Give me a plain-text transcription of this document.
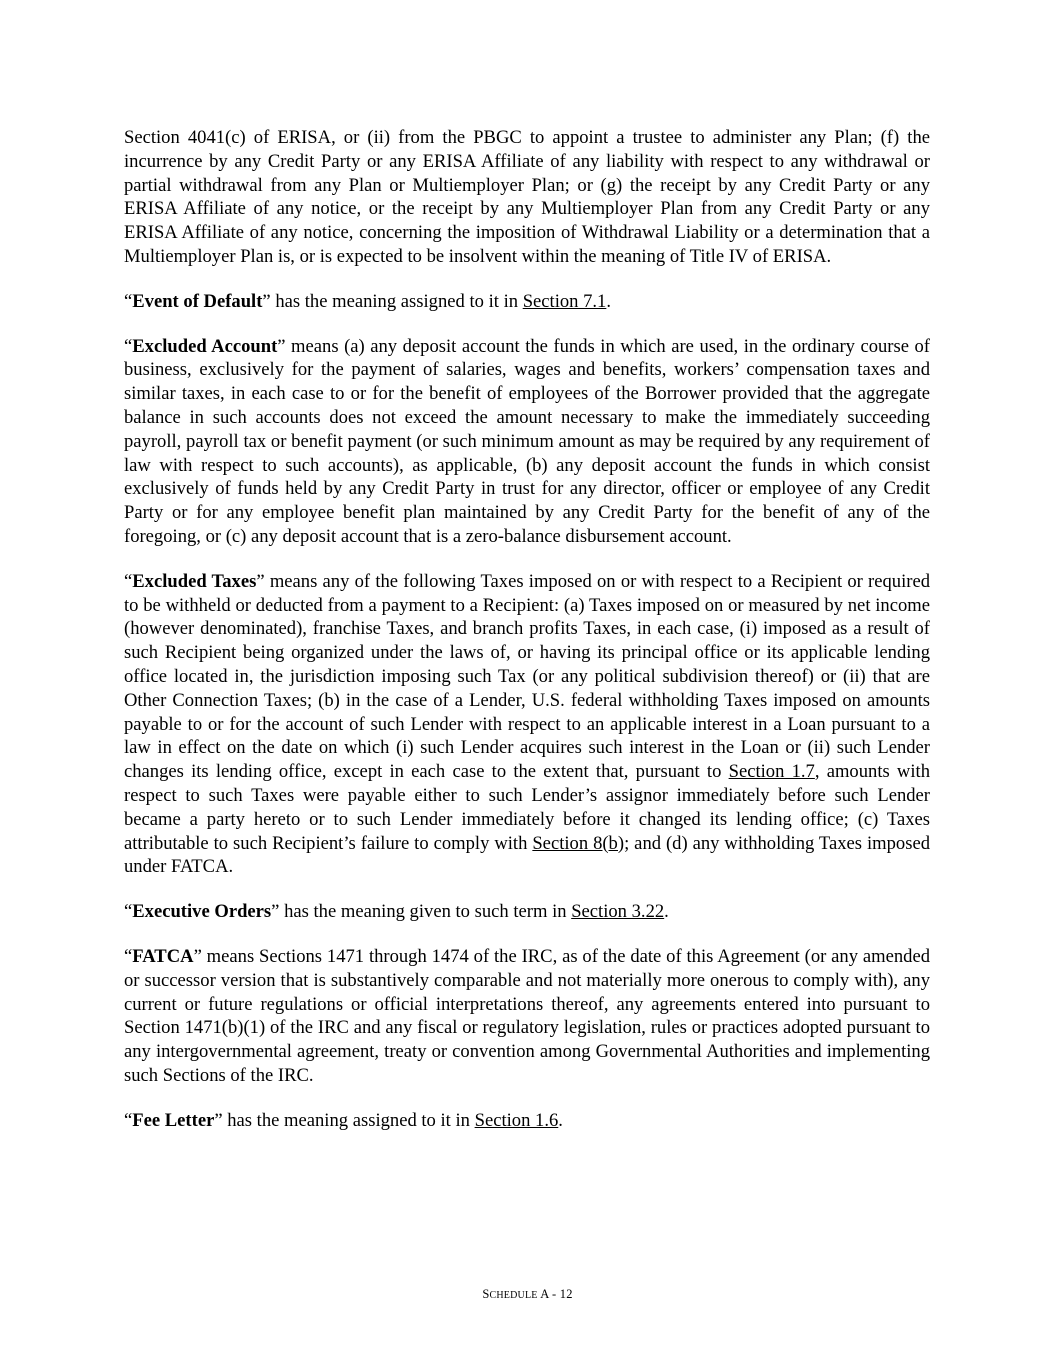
Section 4041(c) of ERISA, or (ii) from the PBGC to appoint a trustee to administer any Plan; (f) the incurrence by any Credit Party or any ERISA Affiliate of any liability with respect to any withdrawal or partial withdrawal from any Plan or Multiemployer Plan; or (g) the receipt by any Credit Party or any ERISA Affiliate of any notice, or the receipt by any Multiemployer Plan from any Credit Party or any ERISA Affiliate of any notice, concerning the imposition of Withdrawal Liability or a determination that a Multiemployer Plan is, or is expected to be insolvent within the meaning of Title IV of ERISA.

“Event of Default” has the meaning assigned to it in Section 7.1.

“Excluded Account” means (a) any deposit account the funds in which are used, in the ordinary course of business, exclusively for the payment of salaries, wages and benefits, workers’ compensation taxes and similar taxes, in each case to or for the benefit of employees of the Borrower provided that the aggregate balance in such accounts does not exceed the amount necessary to make the immediately succeeding payroll, payroll tax or benefit payment (or such minimum amount as may be required by any requirement of law with respect to such accounts), as applicable, (b) any deposit account the funds in which consist exclusively of funds held by any Credit Party in trust for any director, officer or employee of any Credit Party or for any employee benefit plan maintained by any Credit Party for the benefit of any of the foregoing, or (c) any deposit account that is a zero-balance disbursement account.

“Excluded Taxes” means any of the following Taxes imposed on or with respect to a Recipient or required to be withheld or deducted from a payment to a Recipient: (a) Taxes imposed on or measured by net income (however denominated), franchise Taxes, and branch profits Taxes, in each case, (i) imposed as a result of such Recipient being organized under the laws of, or having its principal office or its applicable lending office located in, the jurisdiction imposing such Tax (or any political subdivision thereof) or (ii) that are Other Connection Taxes; (b) in the case of a Lender, U.S. federal withholding Taxes imposed on amounts payable to or for the account of such Lender with respect to an applicable interest in a Loan pursuant to a law in effect on the date on which (i) such Lender acquires such interest in the Loan or (ii) such Lender changes its lending office, except in each case to the extent that, pursuant to Section 1.7, amounts with respect to such Taxes were payable either to such Lender’s assignor immediately before such Lender became a party hereto or to such Lender immediately before it changed its lending office; (c) Taxes attributable to such Recipient’s failure to comply with Section 8(b); and (d) any withholding Taxes imposed under FATCA.

“Executive Orders” has the meaning given to such term in Section 3.22.

“FATCA” means Sections 1471 through 1474 of the IRC, as of the date of this Agreement (or any amended or successor version that is substantively comparable and not materially more onerous to comply with), any current or future regulations or official interpretations thereof, any agreements entered into pursuant to Section 1471(b)(1) of the IRC and any fiscal or regulatory legislation, rules or practices adopted pursuant to any intergovernmental agreement, treaty or convention among Governmental Authorities and implementing such Sections of the IRC.

“Fee Letter” has the meaning assigned to it in Section 1.6.

SCHEDULE A - 12
